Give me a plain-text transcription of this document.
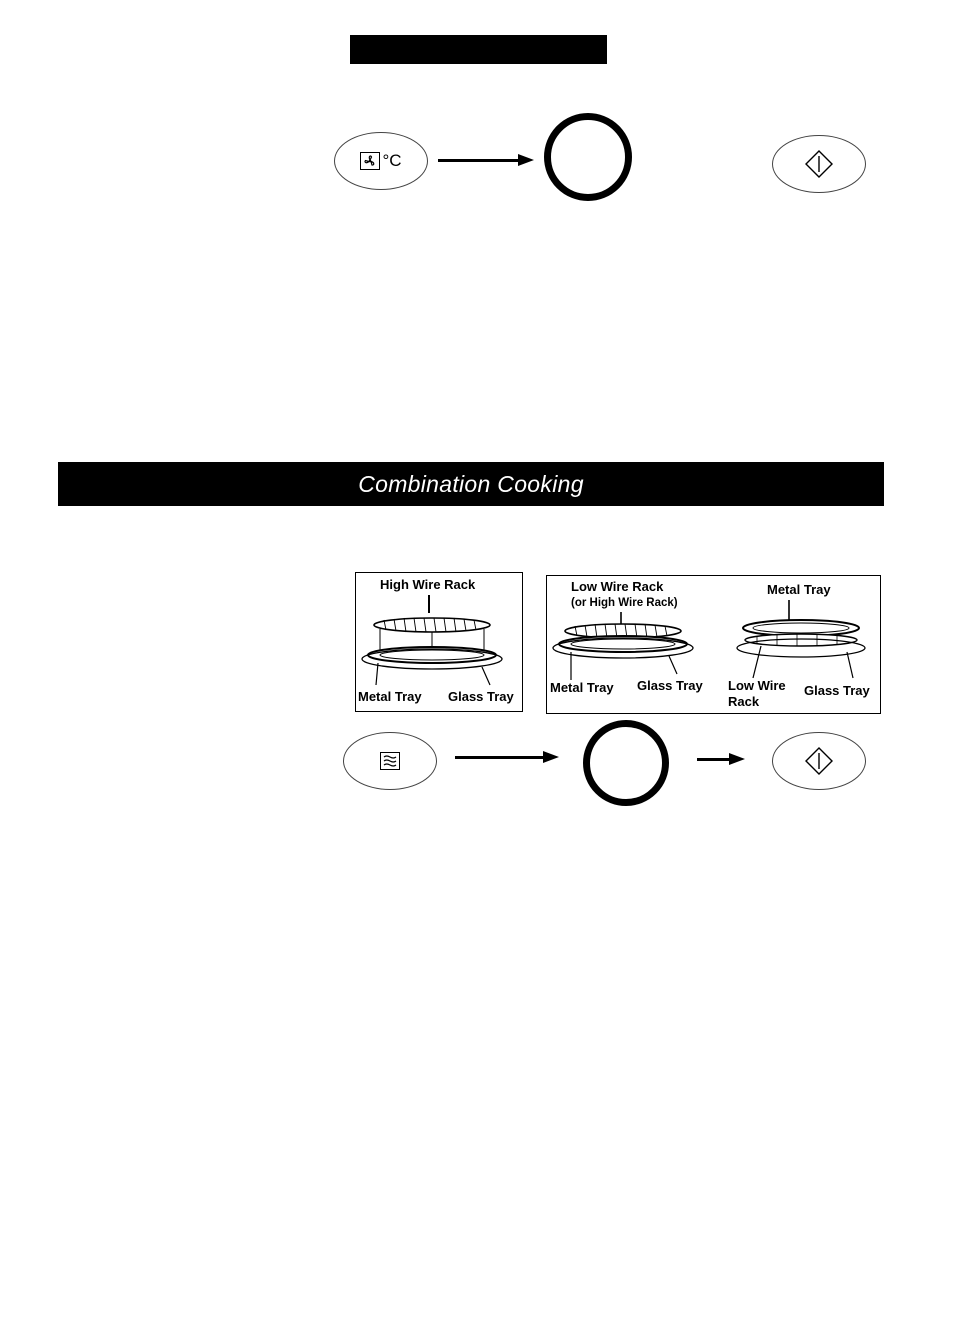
°C
Combination Cooking
High Wire Rack
Metal Tray Glass Tray
Low Wire Rack
(or High Wire Rack)
Metal Tray Glass Tray
Metal Tray
Low Wire
Rack
Glass Tray
